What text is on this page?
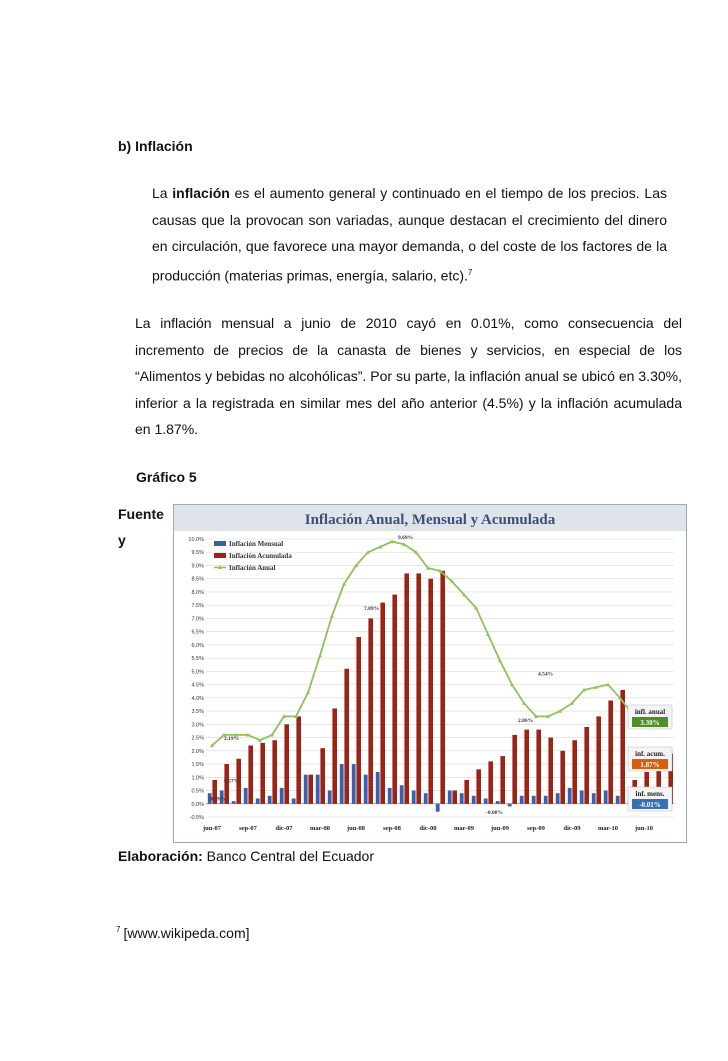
b) Inflación
La inflación es el aumento general y continuado en el tiempo de los precios. Las causas que la provocan son variadas, aunque destacan el crecimiento del dinero en circulación, que favorece una mayor demanda, o del coste de los factores de la producción (materias primas, energía, salario, etc).$^7$
La inflación mensual a junio de 2010 cayó en 0.01%, como consecuencia del incremento de precios de la canasta de bienes y servicios, en especial de los “Alimentos y bebidas no alcohólicas”. Por su parte, la inflación anual se ubicó en 3.30%, inferior a la registrada en similar mes del año anterior (4.5%) y la inflación acumulada en 1.87%.
Gráfico 5
Fuente
y
Inflación Anual, Mensual y Acumulada
-0.5%
0.0%
0.5%
1.0%
1.5%
2.0%
2.5%
3.0%
3.5%
4.0%
4.5%
5.0%
5.5%
6.0%
6.5%
7.0%
7.5%
8.0%
8.5%
9.0%
9.5%
10.0%	Inflación Mensual
Inflación Acumulada
Inflación Anual
jun-07	sep-07	dic-07	mar-08	jun-08	sep-08	dic-08	mar-09	jun-09	sep-09	dic-09	mar-10	jun-10
0.57%
0.39%
2.19%
7.09%
9.69%
4.54%
2.86%
-0.08%
infl. anual
3.30%
inf. acum.
1.87%
inf. mens.
-0.01%
Elaboración: Banco Central del Ecuador
$^7$ [www.wikipeda.com]
